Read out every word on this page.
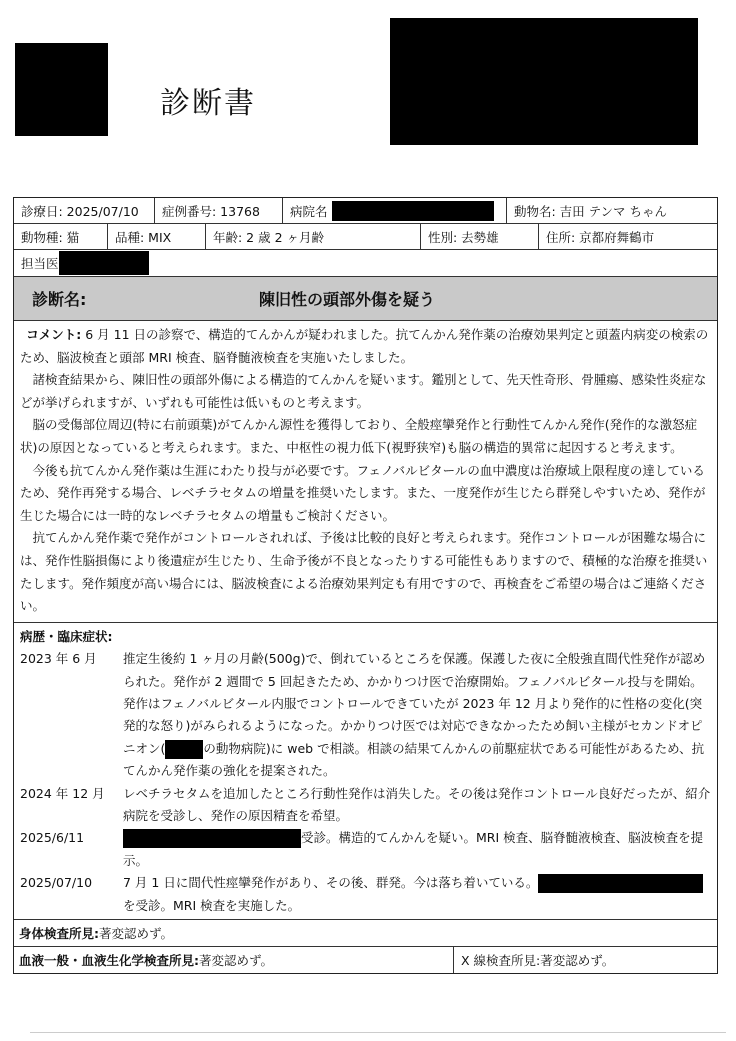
診断書
診療日: 2025/07/10	症例番号: 13768	病院名	動物名: 吉田 テンマ ちゃん
動物種: 猫	品種: MIX	年齢: 2 歳 2 ヶ月齢	性別: 去勢雄	住所: 京都府舞鶴市
担当医
診断名:	陳旧性の頭部外傷を疑う

コメント: 6 月 11 日の診察で、構造的てんかんが疑われました。抗てんかん発作薬の治療効果判定と頭蓋内病変の検索のため、脳波検査と頭部 MRI 検査、脳脊髄液検査を実施いたしました。

諸検査結果から、陳旧性の頭部外傷による構造的てんかんを疑います。鑑別として、先天性奇形、骨腫瘍、感染性炎症などが挙げられますが、いずれも可能性は低いものと考えます。

脳の受傷部位周辺(特に右前頭葉)がてんかん源性を獲得しており、全般痙攣発作と行動性てんかん発作(発作的な激怒症状)の原因となっていると考えられます。また、中枢性の視力低下(視野狭窄)も脳の構造的異常に起因すると考えます。

今後も抗てんかん発作薬は生涯にわたり投与が必要です。フェノバルビタールの血中濃度は治療域上限程度の達しているため、発作再発する場合、レベチラセタムの増量を推奨いたします。また、一度発作が生じたら群発しやすいため、発作が生じた場合には一時的なレベチラセタムの増量もご検討ください。

抗てんかん発作薬で発作がコントロールされれば、予後は比較的良好と考えられます。発作コントロールが困難な場合には、発作性脳損傷により後遺症が生じたり、生命予後が不良となったりする可能性もありますので、積極的な治療を推奨いたします。発作頻度が高い場合には、脳波検査による治療効果判定も有用ですので、再検査をご希望の場合はご連絡ください。

病歴・臨床症状:
2023 年 6 月	推定生後約 1 ヶ月の月齢(500g)で、倒れているところを保護。保護した夜に全般強直間代性発作が認められた。発作が 2 週間で 5 回起きたため、かかりつけ医で治療開始。フェノバルビタール投与を開始。発作はフェノバルビタール内服でコントロールできていたが 2023 年 12 月より発作的に性格の変化(突発的な怒り)がみられるようになった。かかりつけ医では対応できなかったため飼い主様がセカンドオピニオン(	の動物病院)に web で相談。相談の結果てんかんの前駆症状である可能性があるため、抗てんかん発作薬の強化を提案された。
2024 年 12 月	レベチラセタムを追加したところ行動性発作は消失した。その後は発作コントロール良好だったが、紹介病院を受診し、発作の原因精査を希望。
2025/6/11	受診。構造的てんかんを疑い。MRI 検査、脳脊髄液検査、脳波検査を提示。
2025/07/10	7 月 1 日に間代性痙攣発作があり、その後、群発。今は落ち着いている。を受診。MRI 検査を実施した。
身体検査所見: 著変認めず。
血液一般・血液生化学検査所見: 著変認めず。	X 線検査所見: 著変認めず。
